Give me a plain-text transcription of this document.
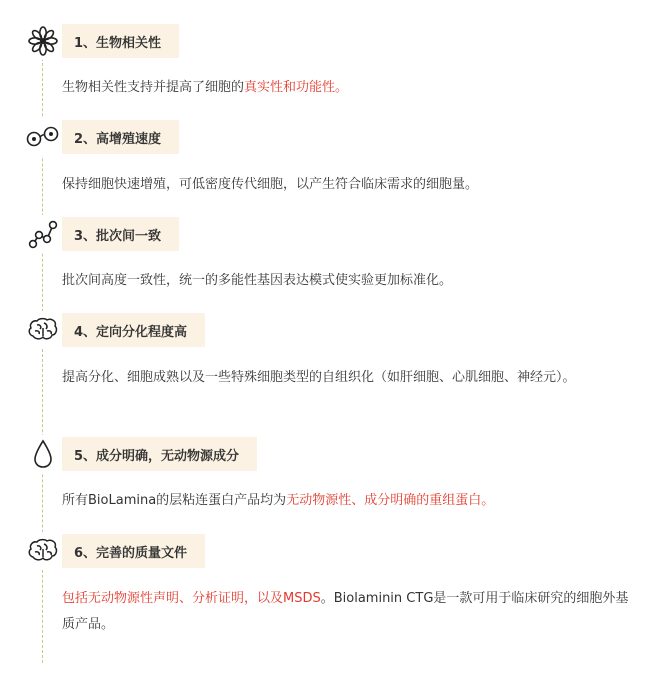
1、生物相关性
生物相关性支持并提高了细胞的真实性和功能性。
2、高增殖速度
保持细胞快速增殖，可低密度传代细胞，以产生符合临床需求的细胞量。
3、批次间一致
批次间高度一致性，统一的多能性基因表达模式使实验更加标准化。
4、定向分化程度高
提高分化、细胞成熟以及一些特殊细胞类型的自组织化（如肝细胞、心肌细胞、神经元）。
5、成分明确，无动物源成分
所有BioLamina的层粘连蛋白产品均为无动物源性、成分明确的重组蛋白。
6、完善的质量文件
包括无动物源性声明、分析证明，以及MSDS。Biolaminin CTG是一款可用于临床研究的细胞外基质产品。
